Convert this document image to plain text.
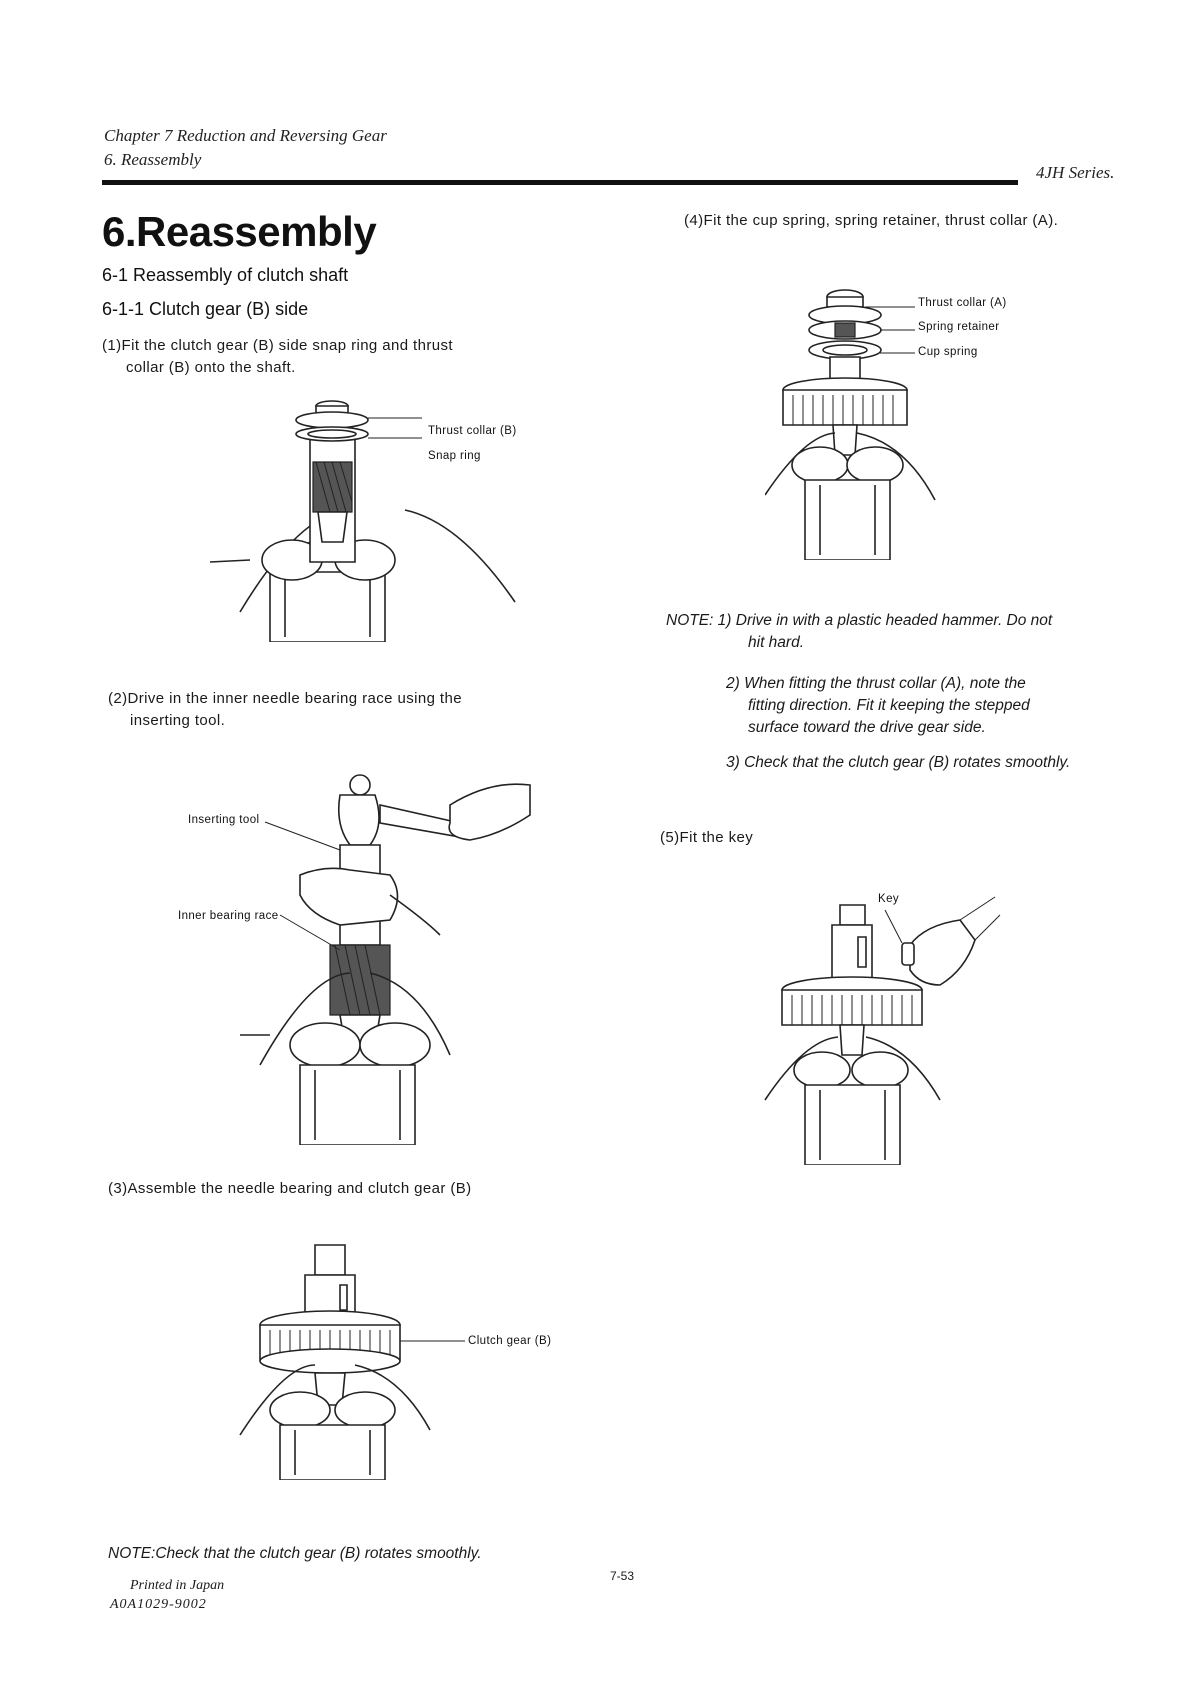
Chapter 7 Reduction and Reversing Gear
6. Reassembly
4JH Series.
6.Reassembly
6-1 Reassembly of clutch shaft
6-1-1 Clutch gear (B) side
(1)Fit the clutch gear (B) side snap ring and thrust
collar (B) onto the shaft.
Thrust collar (B)
Snap ring
(2)Drive in the inner needle bearing race using the
inserting tool.
Inserting tool
Inner bearing race
(3)Assemble the needle bearing and clutch gear (B)
Clutch gear (B)
NOTE:Check that the clutch gear (B) rotates smoothly.
(4)Fit the cup spring, spring retainer, thrust collar (A).
Thrust collar (A)
Spring retainer
Cup spring
NOTE: 1) Drive in with a plastic headed hammer. Do not
hit hard.
2) When fitting the thrust collar (A), note the
fitting direction. Fit it keeping the stepped
surface toward the drive gear side.
3) Check that the clutch gear (B) rotates smoothly.
(5)Fit the key
Key
Printed in Japan
A0A1029-9002
7-53
